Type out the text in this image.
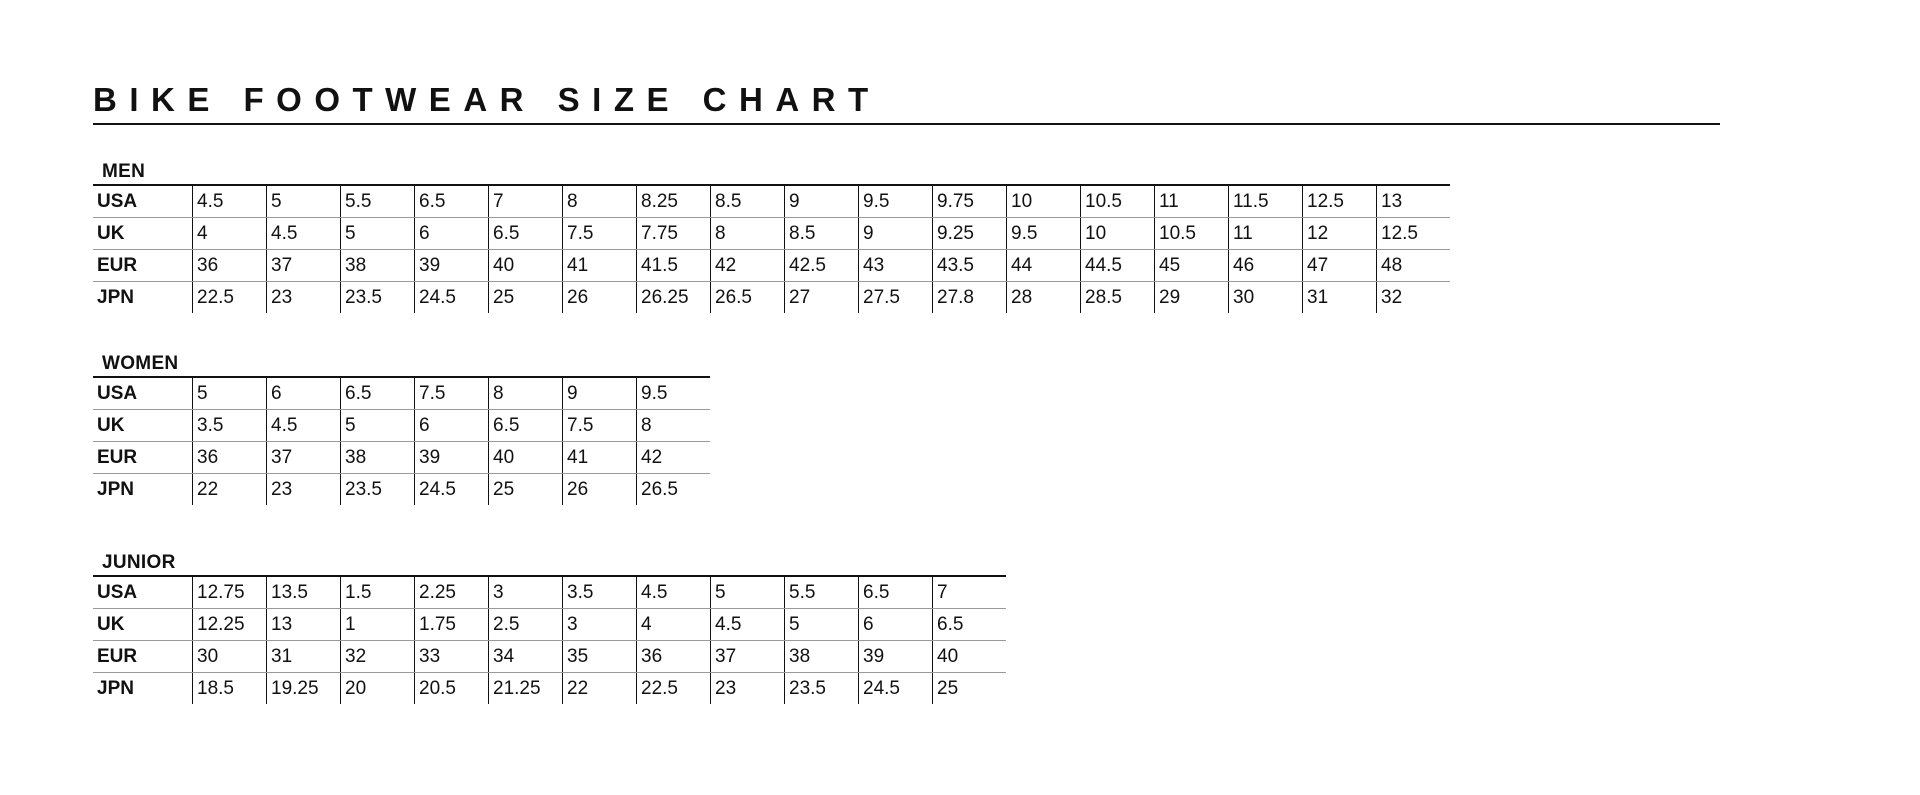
BIKE FOOTWEAR SIZE CHART
MEN
USA	4.5	5	5.5	6.5	7	8	8.25	8.5	9	9.5	9.75	10	10.5	11	11.5	12.5	13
UK	4	4.5	5	6	6.5	7.5	7.75	8	8.5	9	9.25	9.5	10	10.5	11	12	12.5
EUR	36	37	38	39	40	41	41.5	42	42.5	43	43.5	44	44.5	45	46	47	48
JPN	22.5	23	23.5	24.5	25	26	26.25	26.5	27	27.5	27.8	28	28.5	29	30	31	32
WOMEN
USA	5	6	6.5	7.5	8	9	9.5
UK	3.5	4.5	5	6	6.5	7.5	8
EUR	36	37	38	39	40	41	42
JPN	22	23	23.5	24.5	25	26	26.5
JUNIOR
USA	12.75	13.5	1.5	2.25	3	3.5	4.5	5	5.5	6.5	7
UK	12.25	13	1	1.75	2.5	3	4	4.5	5	6	6.5
EUR	30	31	32	33	34	35	36	37	38	39	40
JPN	18.5	19.25	20	20.5	21.25	22	22.5	23	23.5	24.5	25
